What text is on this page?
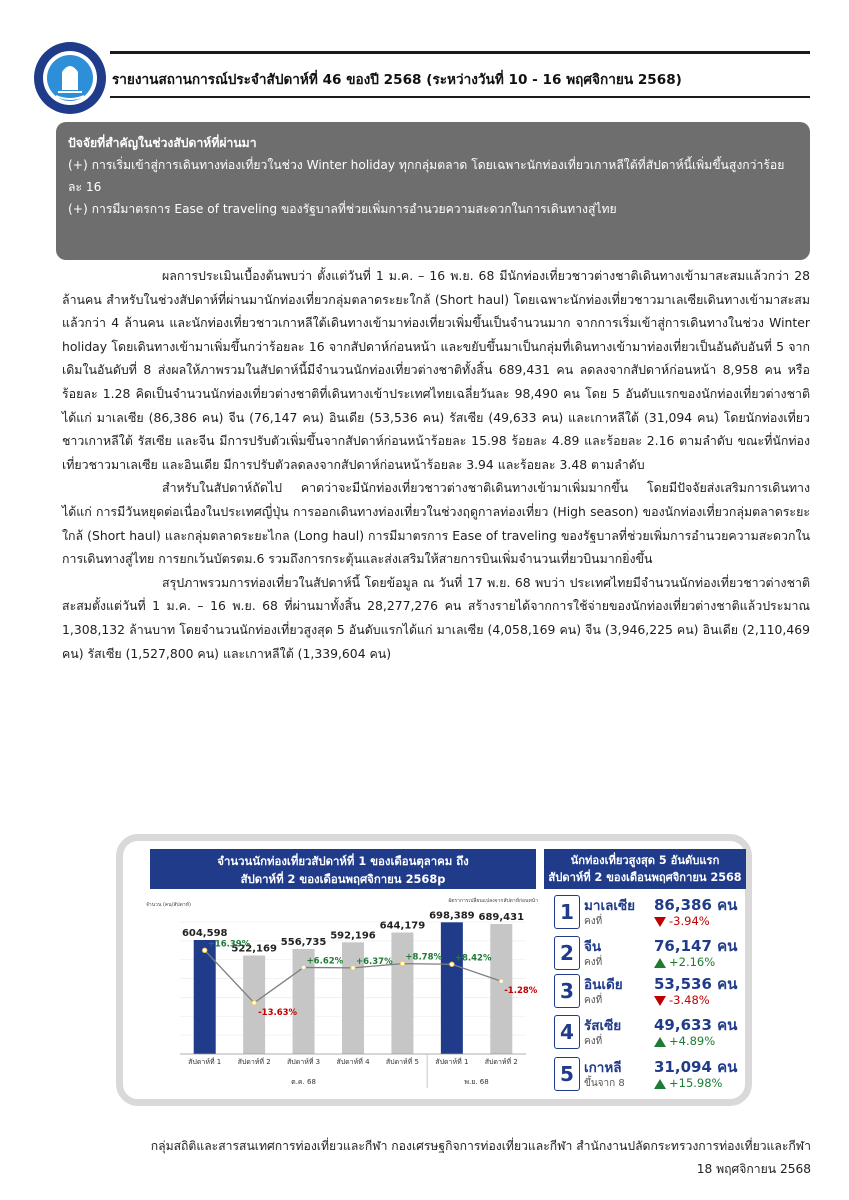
รายงานสถานการณ์ประจำสัปดาห์ที่ 46 ของปี 2568 (ระหว่างวันที่ 10 - 16 พฤศจิกายน 2568)
ปัจจัยที่สำคัญในช่วงสัปดาห์ที่ผ่านมา
(+) การเริ่มเข้าสู่การเดินทางท่องเที่ยวในช่วง Winter holiday ทุกกลุ่มตลาด โดยเฉพาะนักท่องเที่ยวเกาหลีใต้ที่สัปดาห์นี้เพิ่มขึ้นสูงกว่าร้อยละ 16
(+) การมีมาตรการ Ease of traveling ของรัฐบาลที่ช่วยเพิ่มการอำนวยความสะดวกในการเดินทางสู่ไทย

ผลการประเมินเบื้องต้นพบว่า ตั้งแต่วันที่ 1 ม.ค. – 16 พ.ย. 68 มีนักท่องเที่ยวชาวต่างชาติเดินทางเข้ามาสะสมแล้วกว่า 28 ล้านคน สำหรับในช่วงสัปดาห์ที่ผ่านมานักท่องเที่ยวกลุ่มตลาดระยะใกล้ (Short haul) โดยเฉพาะนักท่องเที่ยวชาวมาเลเซียเดินทางเข้ามาสะสมแล้วกว่า 4 ล้านคน และนักท่องเที่ยวชาวเกาหลีใต้เดินทางเข้ามาท่องเที่ยวเพิ่มขึ้นเป็นจำนวนมาก จากการเริ่มเข้าสู่การเดินทางในช่วง Winter holiday โดยเดินทางเข้ามาเพิ่มขึ้นกว่าร้อยละ 16 จากสัปดาห์ก่อนหน้า และขยับขึ้นมาเป็นกลุ่มที่เดินทางเข้ามาท่องเที่ยวเป็นอันดับอันที่ 5 จากเดิมในอันดับที่ 8 ส่งผลให้ภาพรวมในสัปดาห์นี้มีจำนวนนักท่องเที่ยวต่างชาติทั้งสิ้น 689,431 คน ลดลงจากสัปดาห์ก่อนหน้า 8,958 คน หรือร้อยละ 1.28 คิดเป็นจำนวนนักท่องเที่ยวต่างชาติที่เดินทางเข้าประเทศไทยเฉลี่ยวันละ 98,490 คน โดย 5 อันดับแรกของนักท่องเที่ยวต่างชาติ ได้แก่ มาเลเซีย (86,386 คน) จีน (76,147 คน) อินเดีย (53,536 คน) รัสเซีย (49,633 คน) และเกาหลีใต้ (31,094 คน) โดยนักท่องเที่ยวชาวเกาหลีใต้ รัสเซีย และจีน มีการปรับตัวเพิ่มขึ้นจากสัปดาห์ก่อนหน้าร้อยละ 15.98 ร้อยละ 4.89 และร้อยละ 2.16 ตามลำดับ ขณะที่นักท่องเที่ยวชาวมาเลเซีย และอินเดีย มีการปรับตัวลดลงจากสัปดาห์ก่อนหน้าร้อยละ 3.94 และร้อยละ 3.48 ตามลำดับ

สำหรับในสัปดาห์ถัดไป คาดว่าจะมีนักท่องเที่ยวชาวต่างชาติเดินทางเข้ามาเพิ่มมากขึ้น โดยมีปัจจัยส่งเสริมการเดินทาง ได้แก่ การมีวันหยุดต่อเนื่องในประเทศญี่ปุ่น การออกเดินทางท่องเที่ยวในช่วงฤดูกาลท่องเที่ยว (High season) ของนักท่องเที่ยวกลุ่มตลาดระยะใกล้ (Short haul) และกลุ่มตลาดระยะไกล (Long haul) การมีมาตรการ Ease of traveling ของรัฐบาลที่ช่วยเพิ่มการอำนวยความสะดวกในการเดินทางสู่ไทย การยกเว้นบัตรตม.6 รวมถึงการกระตุ้นและส่งเสริมให้สายการบินเพิ่มจำนวนเที่ยวบินมากยิ่งขึ้น

สรุปภาพรวมการท่องเที่ยวในสัปดาห์นี้ โดยข้อมูล ณ วันที่ 17 พ.ย. 68 พบว่า ประเทศไทยมีจำนวนนักท่องเที่ยวชาวต่างชาติสะสมตั้งแต่วันที่ 1 ม.ค. – 16 พ.ย. 68 ที่ผ่านมาทั้งสิ้น 28,277,276 คน สร้างรายได้จากการใช้จ่ายของนักท่องเที่ยวต่างชาติแล้วประมาณ 1,308,132 ล้านบาท โดยจำนวนนักท่องเที่ยวสูงสุด 5 อันดับแรกได้แก่ มาเลเซีย (4,058,169 คน) จีน (3,946,225 คน) อินเดีย (2,110,469 คน) รัสเซีย (1,527,800 คน) และเกาหลีใต้ (1,339,604 คน)

จำนวนนักท่องเที่ยวสัปดาห์ที่ 1 ของเดือนตุลาคม ถึง
สัปดาห์ที่ 2 ของเดือนพฤศจิกายน 2568p
นักท่องเที่ยวสูงสุด 5 อันดับแรก
สัปดาห์ที่ 2 ของเดือนพฤศจิกายน 2568
จำนวน (คน/สัปดาห์)
อัตราการเปลี่ยนแปลงจากสัปดาห์ก่อนหน้า
604,598
สัปดาห์ที่ 1
522,169
สัปดาห์ที่ 2
556,735
สัปดาห์ที่ 3
592,196
สัปดาห์ที่ 4
644,179
สัปดาห์ที่ 5
698,389
สัปดาห์ที่ 1
689,431
สัปดาห์ที่ 2
+16.39%
-13.63%
+6.62% +6.37% +8.78% +8.42%
-1.28%
ต.ค. 68	พ.ย. 68
1 มาเลเซีย
คงที่
86,386 คน
-3.94%
2 จีน
คงที่
76,147 คน
+2.16%
3 อินเดีย
คงที่
53,536 คน
-3.48%
4 รัสเซีย
คงที่
49,633 คน
+4.89%
5 เกาหลี
ขึ้นจาก 8
31,094 คน
+15.98%
กลุ่มสถิติและสารสนเทศการท่องเที่ยวและกีฬา กองเศรษฐกิจการท่องเที่ยวและกีฬา สำนักงานปลัดกระทรวงการท่องเที่ยวและกีฬา
18 พฤศจิกายน 2568
